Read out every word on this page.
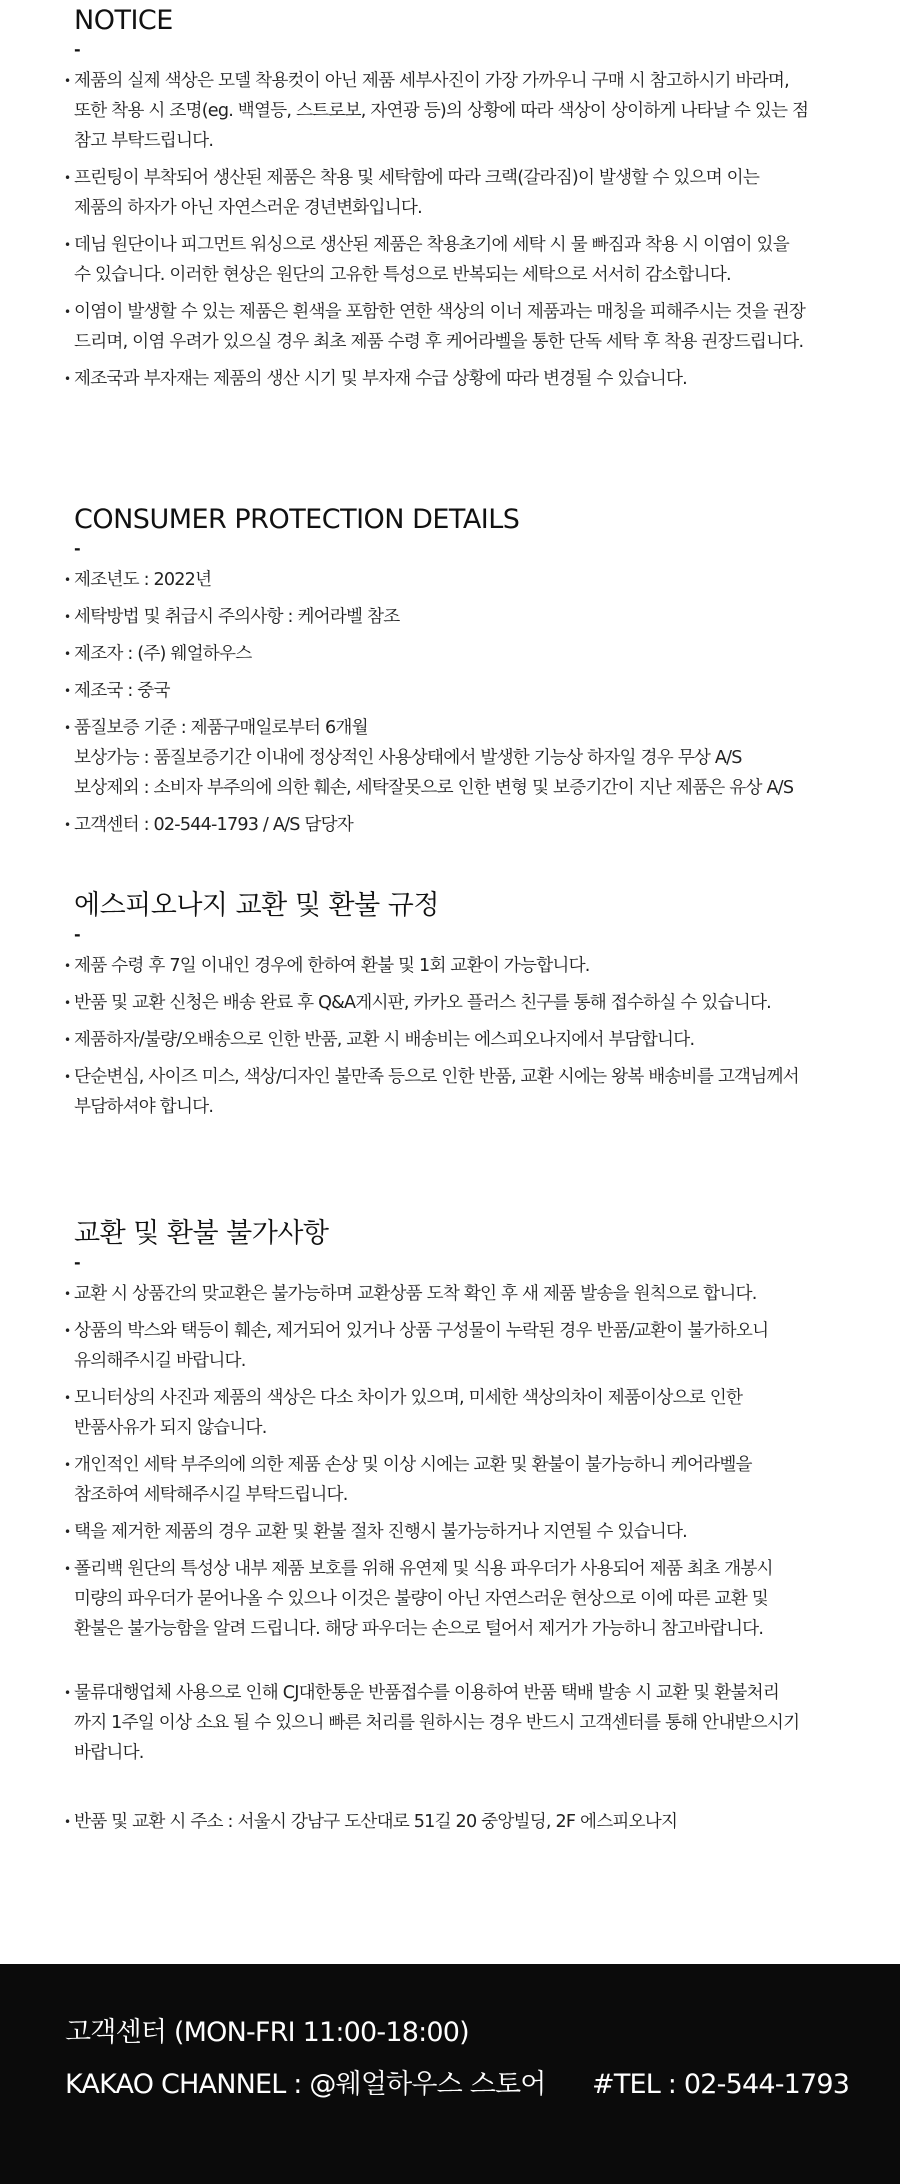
NOTICE
-
• 제품의 실제 색상은 모델 착용컷이 아닌 제품 세부사진이 가장 가까우니 구매 시 참고하시기 바라며,
또한 착용 시 조명(eg. 백열등, 스트로보, 자연광 등)의 상황에 따라 색상이 상이하게 나타날 수 있는 점
참고 부탁드립니다.
• 프린팅이 부착되어 생산된 제품은 착용 및 세탁함에 따라 크랙(갈라짐)이 발생할 수 있으며 이는
제품의 하자가 아닌 자연스러운 경년변화입니다.
• 데님 원단이나 피그먼트 워싱으로 생산된 제품은 착용초기에 세탁 시 물 빠짐과 착용 시 이염이 있을
수 있습니다. 이러한 현상은 원단의 고유한 특성으로 반복되는 세탁으로 서서히 감소합니다.
• 이염이 발생할 수 있는 제품은 흰색을 포함한 연한 색상의 이너 제품과는 매칭을 피해주시는 것을 권장
드리며, 이염 우려가 있으실 경우 최초 제품 수령 후 케어라벨을 통한 단독 세탁 후 착용 권장드립니다.
• 제조국과 부자재는 제품의 생산 시기 및 부자재 수급 상황에 따라 변경될 수 있습니다.
CONSUMER PROTECTION DETAILS
-
• 제조년도 : 2022년
• 세탁방법 및 취급시 주의사항 : 케어라벨 참조
• 제조자 : (주) 웨얼하우스
• 제조국 : 중국
• 품질보증 기준 : 제품구매일로부터 6개월
보상가능 : 품질보증기간 이내에 정상적인 사용상태에서 발생한 기능상 하자일 경우 무상 A/S
보상제외 : 소비자 부주의에 의한 훼손, 세탁잘못으로 인한 변형 및 보증기간이 지난 제품은 유상 A/S
• 고객센터 : 02-544-1793 / A/S 담당자
에스피오나지 교환 및 환불 규정
-
• 제품 수령 후 7일 이내인 경우에 한하여 환불 및 1회 교환이 가능합니다.
• 반품 및 교환 신청은 배송 완료 후 Q&A게시판, 카카오 플러스 친구를 통해 접수하실 수 있습니다.
• 제품하자/불량/오배송으로 인한 반품, 교환 시 배송비는 에스피오나지에서 부담합니다.
• 단순변심, 사이즈 미스, 색상/디자인 불만족 등으로 인한 반품, 교환 시에는 왕복 배송비를 고객님께서
부담하셔야 합니다.
교환 및 환불 불가사항
-
• 교환 시 상품간의 맞교환은 불가능하며 교환상품 도착 확인 후 새 제품 발송을 원칙으로 합니다.
• 상품의 박스와 택등이 훼손, 제거되어 있거나 상품 구성물이 누락된 경우 반품/교환이 불가하오니
유의해주시길 바랍니다.
• 모니터상의 사진과 제품의 색상은 다소 차이가 있으며, 미세한 색상의차이 제품이상으로 인한
반품사유가 되지 않습니다.
• 개인적인 세탁 부주의에 의한 제품 손상 및 이상 시에는 교환 및 환불이 불가능하니 케어라벨을
참조하여 세탁해주시길 부탁드립니다.
• 택을 제거한 제품의 경우 교환 및 환불 절차 진행시 불가능하거나 지연될 수 있습니다.
• 폴리백 원단의 특성상 내부 제품 보호를 위해 유연제 및 식용 파우더가 사용되어 제품 최초 개봉시
미량의 파우더가 묻어나올 수 있으나 이것은 불량이 아닌 자연스러운 현상으로 이에 따른 교환 및
환불은 불가능함을 알려 드립니다. 해당 파우더는 손으로 털어서 제거가 가능하니 참고바랍니다.
• 물류대행업체 사용으로 인해 CJ대한통운 반품접수를 이용하여 반품 택배 발송 시 교환 및 환불처리
까지 1주일 이상 소요 될 수 있으니 빠른 처리를 원하시는 경우 반드시 고객센터를 통해 안내받으시기
바랍니다.
• 반품 및 교환 시 주소 : 서울시 강남구 도산대로 51길 20 중앙빌딩, 2F 에스피오나지
고객센터 (MON-FRI 11:00-18:00)
KAKAO CHANNEL : @웨얼하우스 스토어 #TEL : 02-544-1793
